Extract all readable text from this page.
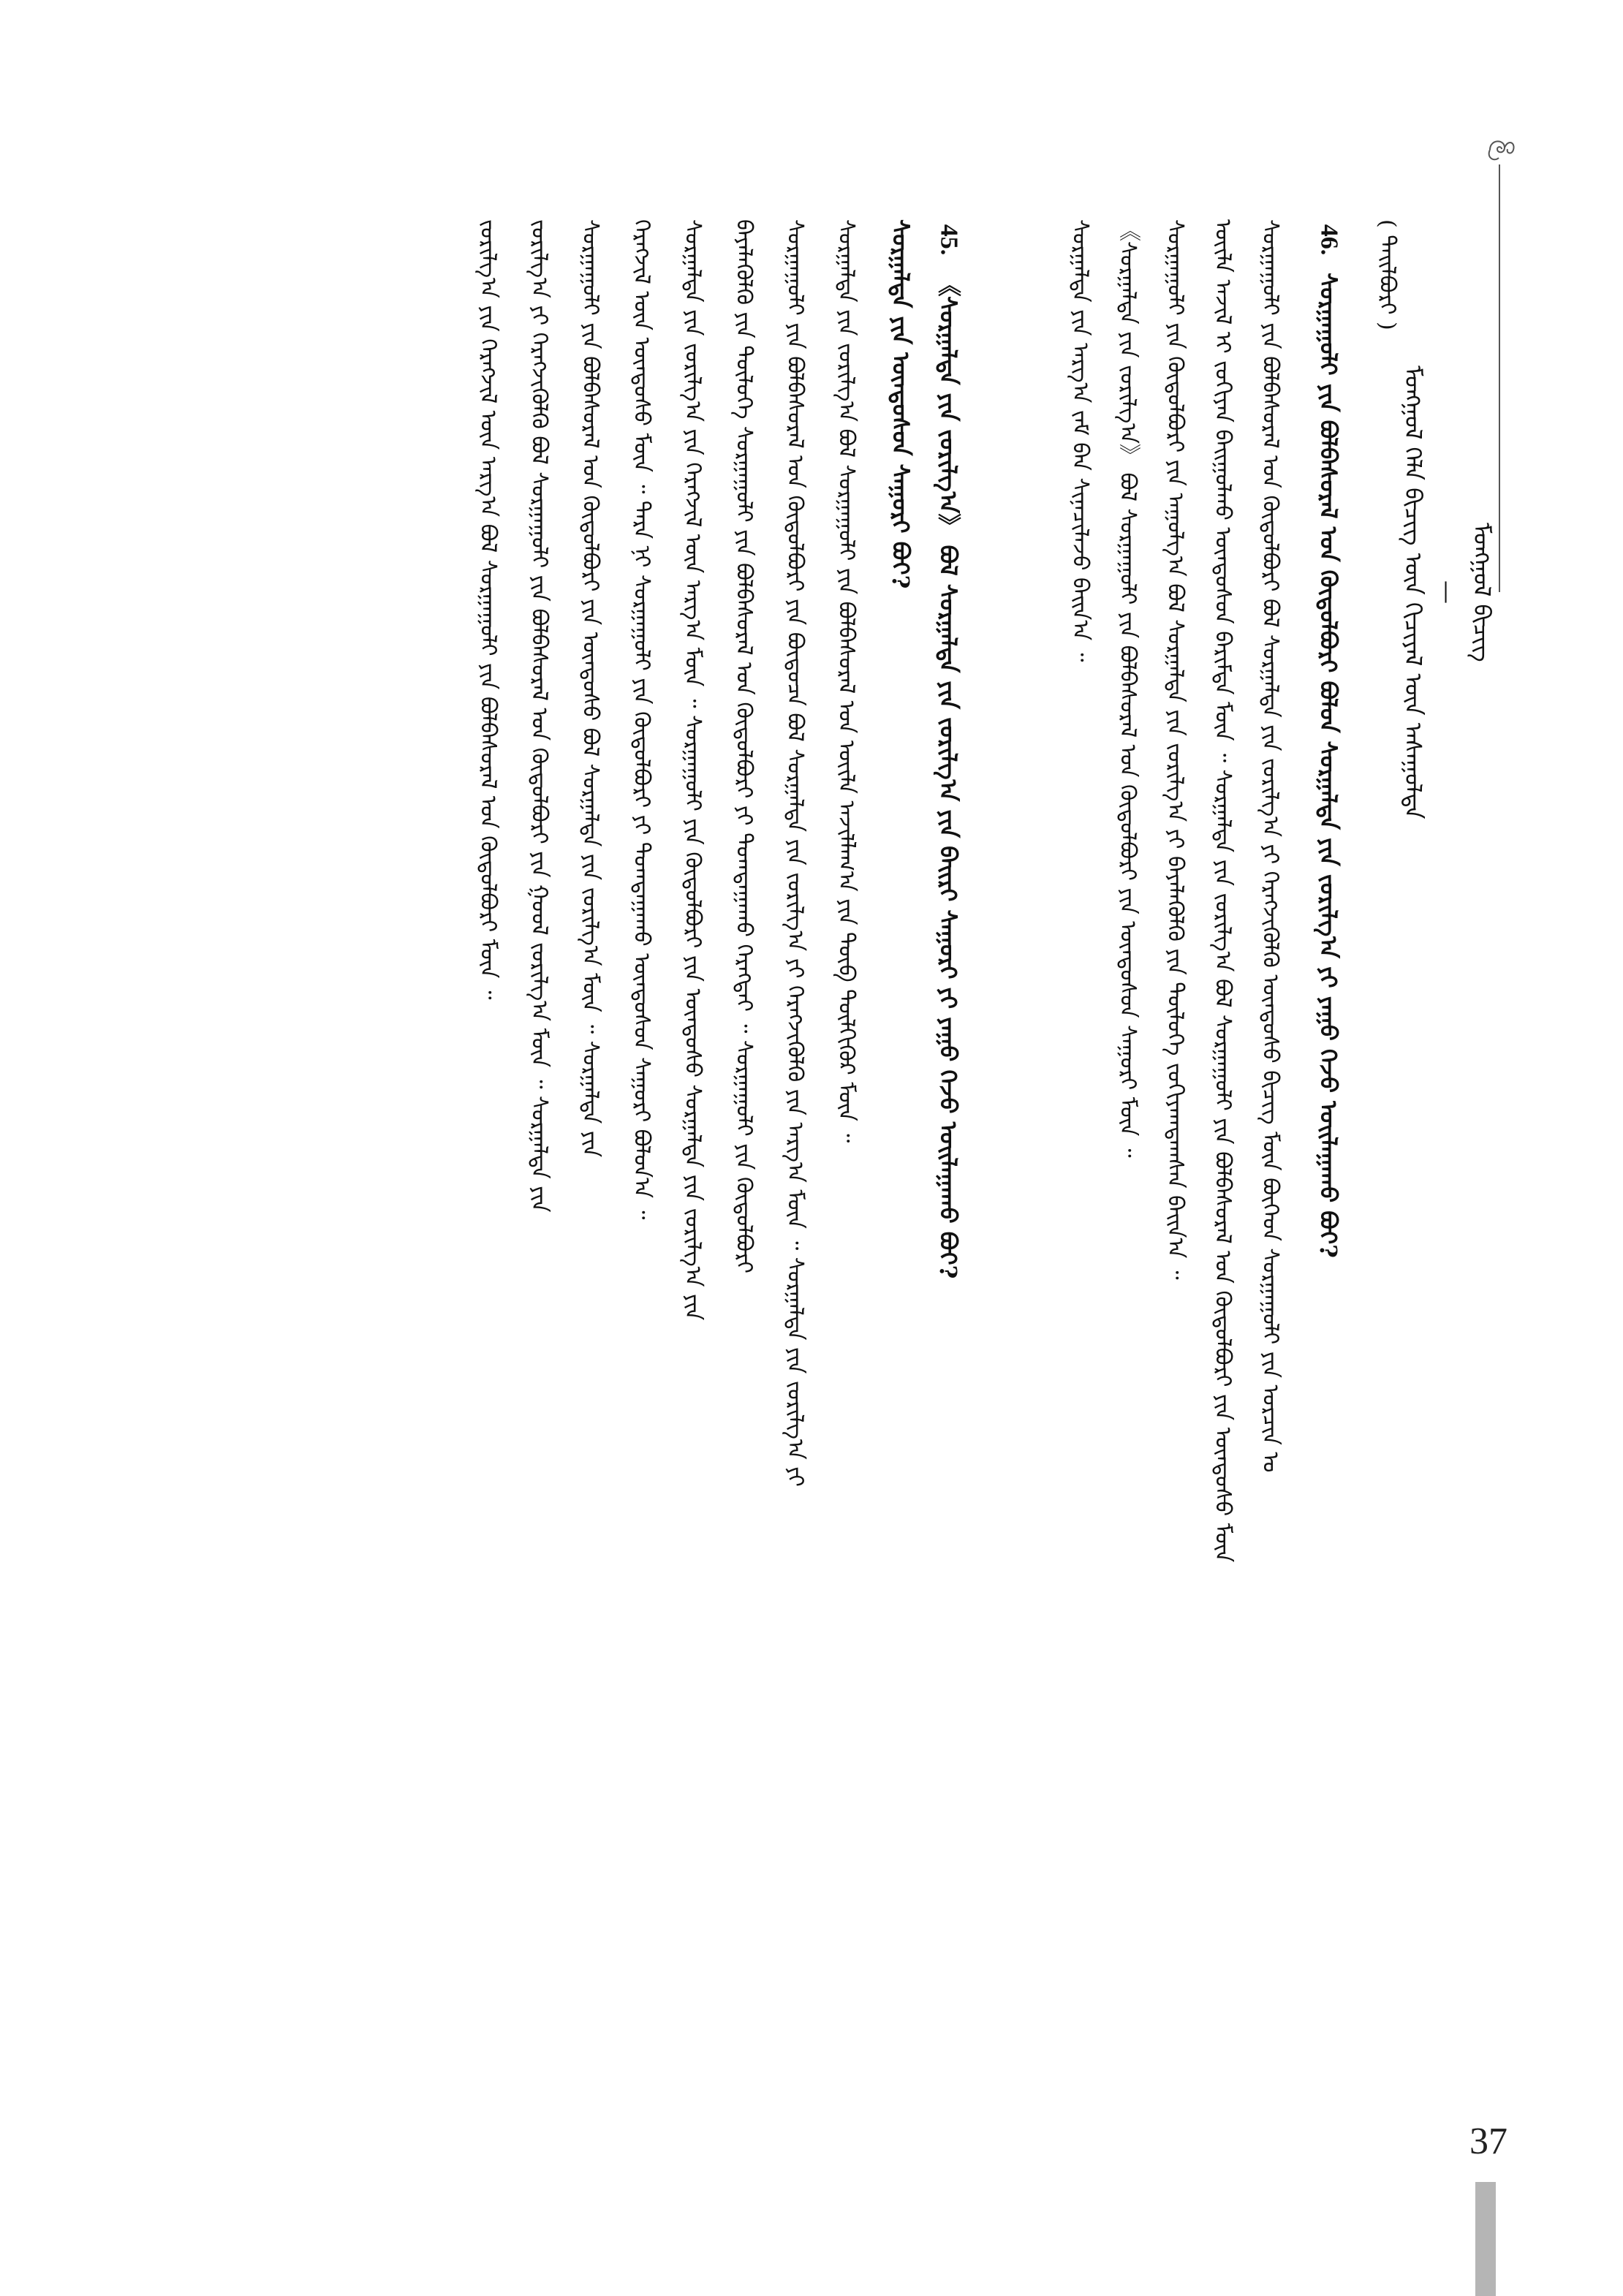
ᠮᠣᠩᠭᠣᠯ ᠬᠡᠯᠡ ᠪᠢᠴᠢᠭ ᠦᠨ ᠬᠢᠴᠢᠶᠡᠯ ᠦᠨ ᠠᠰᠠᠭᠤᠯᠲᠠ — ᠮᠣᠩᠭᠣᠯ ᠪᠢᠴᠢᠭ
( ᠲᠠᠢᠯᠪᠤᠷᠢ )
46. ᠰᠤᠷᠭᠠᠭᠤᠯᠢ ᠶᠢᠨ ᠪᠣᠯᠪᠠᠰᠤᠷᠠᠯ ᠤᠨ ᠬᠥᠲᠦᠯᠪᠦᠷᠢ ᠪᠣᠯᠤᠨ ᠰᠤᠷᠭᠠᠯᠲᠠ ᠶᠢᠨ ᠵᠣᠷᠢᠯᠭ᠎ᠠ ᠶᠢ ᠶᠠᠭᠤ ᠭᠡᠵᠦ ᠣᠢᠯᠠᠭᠠᠬᠤ ᠪᠤᠢ?
ᠰᠤᠷᠭᠠᠭᠤᠯᠢ ᠶᠢᠨ ᠪᠣᠯᠪᠠᠰᠤᠷᠠᠯ ᠤᠨ ᠬᠥᠲᠦᠯᠪᠦᠷᠢ ᠪᠣᠯ ᠰᠤᠷᠭᠠᠯᠲᠠ ᠶᠢᠨ ᠵᠣᠷᠢᠯᠭ᠎ᠠ ᠶᠢ ᠬᠡᠷᠡᠭᠵᠢᠭᠦᠯᠬᠦ ᠦᠨᠳᠦᠰᠦ ᠪᠢᠴᠢᠭ ᠮᠥᠨ ᠪᠥᠭᠡᠳ ᠰᠤᠷᠭᠠᠭᠤᠯᠢ ᠶᠢᠨ ᠣᠷᠴᠢᠨ ᠤ
ᠦᠢᠯᠡ ᠠᠵᠢᠯ ᠢ ᠵᠣᠬᠢᠶᠠᠨ ᠪᠠᠢᠭᠤᠯᠬᠤ ᠦᠨᠳᠦᠰᠦᠨ ᠪᠠᠷᠢᠮᠲᠠ ᠮᠥᠨ ᠃ ᠰᠤᠷᠭᠠᠯᠲᠠ ᠶᠢᠨ ᠵᠣᠷᠢᠯᠭ᠎ᠠ ᠪᠣᠯ ᠰᠤᠷᠭᠠᠭᠤᠯᠢ ᠶᠢᠨ ᠪᠣᠯᠪᠠᠰᠤᠷᠠᠯ ᠤᠨ ᠬᠥᠲᠦᠯᠪᠦᠷᠢ ᠶᠢᠨ ᠦᠨᠳᠦᠰᠦ ᠮᠥᠨ
ᠰᠤᠷᠭᠠᠭᠤᠯᠢ ᠶᠢᠨ ᠬᠥᠲᠦᠯᠪᠦᠷᠢ ᠶᠢᠨ ᠠᠭᠤᠯᠭ᠎ᠠ ᠪᠣᠯ ᠰᠤᠷᠭᠠᠯᠲᠠ ᠶᠢᠨ ᠵᠣᠷᠢᠯᠭ᠎ᠠ ᠶᠢ ᠪᠡᠶᠡᠯᠡᠭᠦᠯᠬᠦ ᠶᠢᠨ ᠲᠥᠯᠥᠭᠡ ᠵᠣᠬᠢᠶᠠᠭᠳᠠᠭᠰᠠᠨ ᠪᠠᠢᠨ᠎ᠠ ᠃
《ᠰᠤᠷᠭᠠᠯᠲᠠ ᠶᠢᠨ ᠵᠣᠷᠢᠯᠭ᠎ᠠ》 ᠪᠣᠯ ᠰᠤᠷᠭᠠᠭᠤᠯᠢ ᠶᠢᠨ ᠪᠣᠯᠪᠠᠰᠤᠷᠠᠯ ᠤᠨ ᠬᠥᠲᠦᠯᠪᠦᠷᠢ ᠶᠢᠨ ᠦᠨᠳᠦᠰᠦᠨ ᠰᠠᠭᠤᠷᠢ ᠮᠥᠨ ᠃
ᠰᠤᠷᠭᠠᠯᠲᠠ ᠶᠢᠨ ᠠᠷᠭ᠎ᠠ ᠵᠠᠮ ᠪᠠᠨ ᠰᠢᠨᠡᠴᠢᠯᠡᠵᠦ ᠪᠠᠢᠨ᠎ᠠ ᠃
45. 《ᠰᠤᠷᠭᠠᠯᠲᠠ ᠶᠢᠨ ᠵᠣᠷᠢᠯᠭ᠎ᠠ》 ᠪᠣᠯ ᠰᠤᠷᠭᠠᠯᠲᠠ ᠶᠢᠨ ᠵᠣᠷᠢᠯᠭ᠎ᠠ ᠶᠢᠨ ᠪᠠᠢᠷᠢ ᠰᠠᠭᠤᠷᠢ ᠶᠢ ᠶᠠᠭᠤ ᠭᠡᠵᠦ ᠣᠢᠯᠠᠭᠠᠬᠤ ᠪᠤᠢ?
ᠰᠤᠷᠭᠠᠯᠲᠠ ᠶᠢᠨ ᠦᠨᠳᠦᠰᠦᠨ ᠰᠠᠭᠤᠷᠢ ᠪᠤᠢ?
ᠰᠤᠷᠭᠠᠯᠲᠠ ᠶᠢᠨ ᠵᠣᠷᠢᠯᠭ᠎ᠠ ᠪᠣᠯ ᠰᠤᠷᠭᠠᠭᠤᠯᠢ ᠶᠢᠨ ᠪᠣᠯᠪᠠᠰᠤᠷᠠᠯ ᠤᠨ ᠦᠢᠯᠡ ᠠᠵᠢᠯᠯᠠᠭ᠎ᠠ ᠶᠢᠨ ᠲᠥᠪ ᠲᠦᠯᠬᠢᠭᠦᠷ ᠮᠥᠨ ᠃
ᠰᠤᠷᠭᠠᠭᠤᠯᠢ ᠶᠢᠨ ᠪᠣᠯᠪᠠᠰᠤᠷᠠᠯ ᠤᠨ ᠬᠥᠲᠦᠯᠪᠦᠷᠢ ᠶᠢᠨ ᠪᠦᠲᠦᠴᠡ ᠪᠣᠯ ᠰᠤᠷᠭᠠᠯᠲᠠ ᠶᠢᠨ ᠵᠣᠷᠢᠯᠭ᠎ᠠ ᠶᠢ ᠬᠡᠷᠡᠭᠵᠢᠭᠦᠯᠬᠦ ᠶᠢᠨ ᠠᠷᠭ᠎ᠠ ᠮᠥᠨ ᠃ ᠰᠤᠷᠭᠠᠯᠲᠠ ᠶᠢᠨ ᠵᠣᠷᠢᠯᠭ᠎ᠠ ᠶᠢ
ᠪᠡᠶᠡᠯᠡᠭᠦᠯᠬᠦ ᠶᠢᠨ ᠲᠥᠯᠥᠭᠡ ᠰᠤᠷᠭᠠᠭᠤᠯᠢ ᠶᠢᠨ ᠪᠣᠯᠪᠠᠰᠤᠷᠠᠯ ᠤᠨ ᠬᠥᠲᠦᠯᠪᠦᠷᠢ ᠶᠢ ᠲᠣᠭᠲᠠᠭᠠᠬᠤ ᠬᠡᠷᠡᠭᠲᠡᠢ ᠃ ᠰᠤᠷᠭᠠᠭᠤᠯᠢ ᠶᠢᠨ ᠬᠥᠲᠦᠯᠪᠦᠷᠢ
ᠰᠤᠷᠭᠠᠯᠲᠠ ᠶᠢᠨ ᠵᠣᠷᠢᠯᠭ᠎ᠠ ᠶᠢᠨ ᠬᠡᠷᠡᠭᠵᠢᠯ ᠦᠨ ᠠᠷᠭ᠎ᠠ ᠮᠥᠨ ᠃ ᠰᠤᠷᠭᠠᠭᠤᠯᠢ ᠶᠢᠨ ᠬᠥᠲᠦᠯᠪᠦᠷᠢ ᠶᠢᠨ ᠦᠨᠳᠦᠰᠦ ᠰᠤᠷᠭᠠᠯᠲᠠ ᠶᠢᠨ ᠵᠣᠷᠢᠯᠭ᠎ᠠ ᠶᠢᠨ
ᠬᠡᠷᠡᠭᠵᠢᠯ ᠦᠨ ᠦᠨᠳᠦᠰᠦ ᠮᠥᠨ ᠃ ᠲᠡᠷᠡ ᠨᠢ ᠰᠤᠷᠭᠠᠭᠤᠯᠢ ᠶᠢᠨ ᠬᠥᠲᠦᠯᠪᠦᠷᠢ ᠶᠢ ᠲᠣᠭᠲᠠᠭᠠᠬᠤ ᠦᠨᠳᠦᠰᠦᠨ ᠰᠠᠭᠤᠷᠢ ᠪᠣᠯᠤᠨ᠎ᠠ ᠃
ᠰᠤᠷᠭᠠᠭᠤᠯᠢ ᠶᠢᠨ ᠪᠣᠯᠪᠠᠰᠤᠷᠠᠯ ᠤᠨ ᠬᠥᠲᠦᠯᠪᠦᠷᠢ ᠶᠢᠨ ᠦᠨᠳᠦᠰᠦ ᠪᠣᠯ ᠰᠤᠷᠭᠠᠯᠲᠠ ᠶᠢᠨ ᠵᠣᠷᠢᠯᠭ᠎ᠠ ᠮᠥᠨ ᠃ ᠰᠤᠷᠭᠠᠯᠲᠠ ᠶᠢᠨ
ᠵᠣᠷᠢᠯᠭ᠎ᠠ ᠶᠢ ᠬᠡᠷᠡᠭᠵᠢᠭᠦᠯᠬᠦ ᠪᠣᠯ ᠰᠤᠷᠭᠠᠭᠤᠯᠢ ᠶᠢᠨ ᠪᠣᠯᠪᠠᠰᠤᠷᠠᠯ ᠤᠨ ᠬᠥᠲᠦᠯᠪᠦᠷᠢ ᠶᠢᠨ ᠭᠣᠣᠯ ᠵᠣᠷᠢᠯᠭ᠎ᠠ ᠮᠥᠨ ᠃ ᠰᠤᠷᠭᠠᠯᠲᠠ ᠶᠢᠨ
ᠵᠣᠷᠢᠯᠭ᠎ᠠ ᠶᠢᠨ ᠬᠡᠷᠡᠭᠵᠢᠯ ᠦᠨ ᠠᠷᠭ᠎ᠠ ᠪᠣᠯ ᠰᠤᠷᠭᠠᠭᠤᠯᠢ ᠶᠢᠨ ᠪᠣᠯᠪᠠᠰᠤᠷᠠᠯ ᠤᠨ ᠬᠥᠲᠦᠯᠪᠦᠷᠢ ᠮᠥᠨ ᠃
37
